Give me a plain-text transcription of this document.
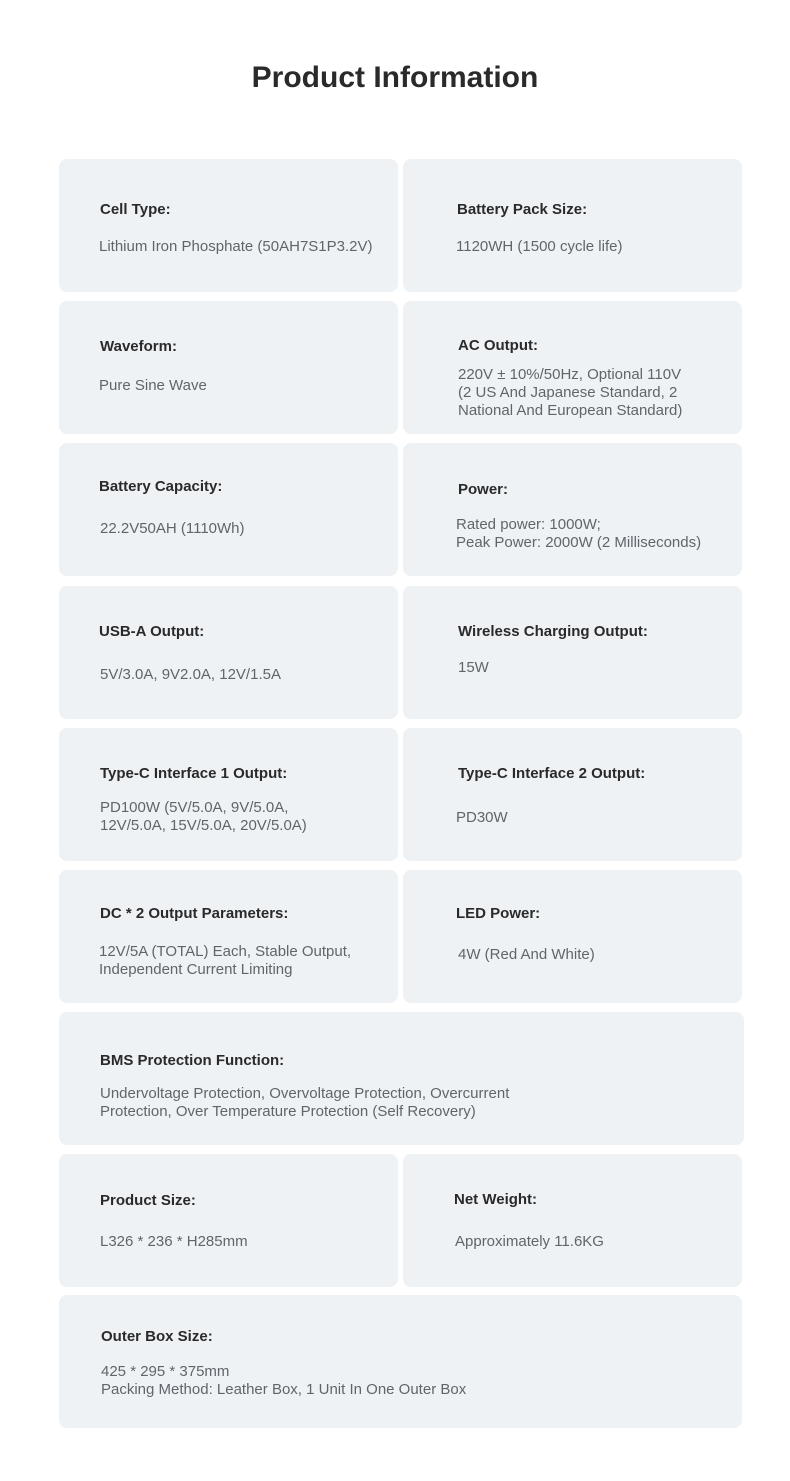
Product Information
Cell Type:
Lithium Iron Phosphate (50AH7S1P3.2V)
Battery Pack Size:
1120WH (1500 cycle life)
Waveform:
Pure Sine Wave
AC Output:
220V ± 10%/50Hz, Optional 110V
(2 US And Japanese Standard, 2
National And European Standard)
Battery Capacity:
22.2V50AH (1110Wh)
Power:
Rated power: 1000W;
Peak Power: 2000W (2 Milliseconds)
USB-A Output:
5V/3.0A, 9V2.0A, 12V/1.5A
Wireless Charging Output:
15W
Type-C Interface 1 Output:
PD100W (5V/5.0A, 9V/5.0A,
12V/5.0A, 15V/5.0A, 20V/5.0A)
Type-C Interface 2 Output:
PD30W
DC * 2 Output Parameters:
12V/5A (TOTAL) Each, Stable Output,
Independent Current Limiting
LED Power:
4W (Red And White)
BMS Protection Function:
Undervoltage Protection, Overvoltage Protection, Overcurrent
Protection, Over Temperature Protection (Self Recovery)
Product Size:
L326 * 236 * H285mm
Net Weight:
Approximately 11.6KG
Outer Box Size:
425 * 295 * 375mm
Packing Method: Leather Box, 1 Unit In One Outer Box
